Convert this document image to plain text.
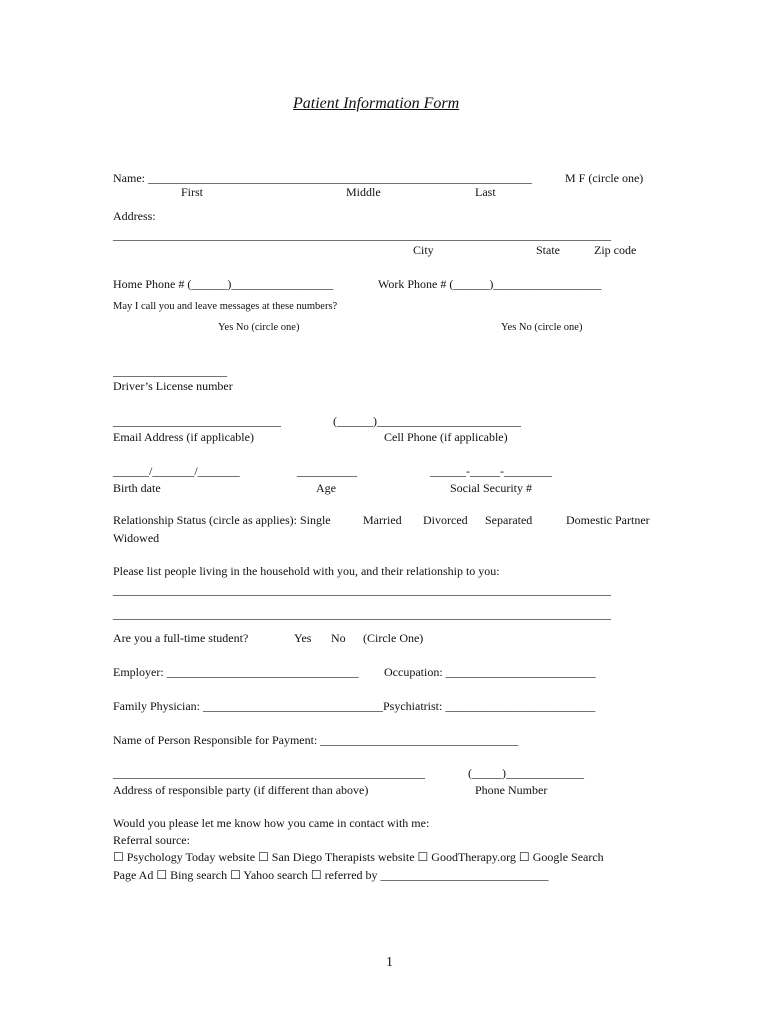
Patient Information Form
Name: ________________________________________________________________	M F (circle one)
First	Middle	Last
Address:
___________________________________________________________________________________
City	State	Zip code
Home Phone # (______)_________________	Work Phone # (______)__________________
May I call you and leave messages at these numbers?
Yes No (circle one)	Yes No (circle one)
___________________
Driver’s License number
____________________________	(______)________________________
Email Address (if applicable)	Cell Phone (if applicable)
______/_______/_______	__________	______-_____-________
Birth date	Age	Social Security #
Relationship Status (circle as applies): Single	Married Divorced Separated	Domestic Partner
Widowed
Please list people living in the household with you, and their relationship to you:
___________________________________________________________________________________
___________________________________________________________________________________
Are you a full-time student?	Yes No (Circle One)
Employer: ________________________________ Occupation: _________________________
Family Physician: ______________________________Psychiatrist: _________________________
Name of Person Responsible for Payment: _________________________________
____________________________________________________	(_____)_____________
Address of responsible party (if different than above)	Phone Number
Would you please let me know how you came in contact with me:
Referral source:
☐ Psychology Today website ☐ San Diego Therapists website ☐ GoodTherapy.org ☐ Google Search
Page Ad ☐ Bing search ☐ Yahoo search ☐ referred by ____________________________
1
